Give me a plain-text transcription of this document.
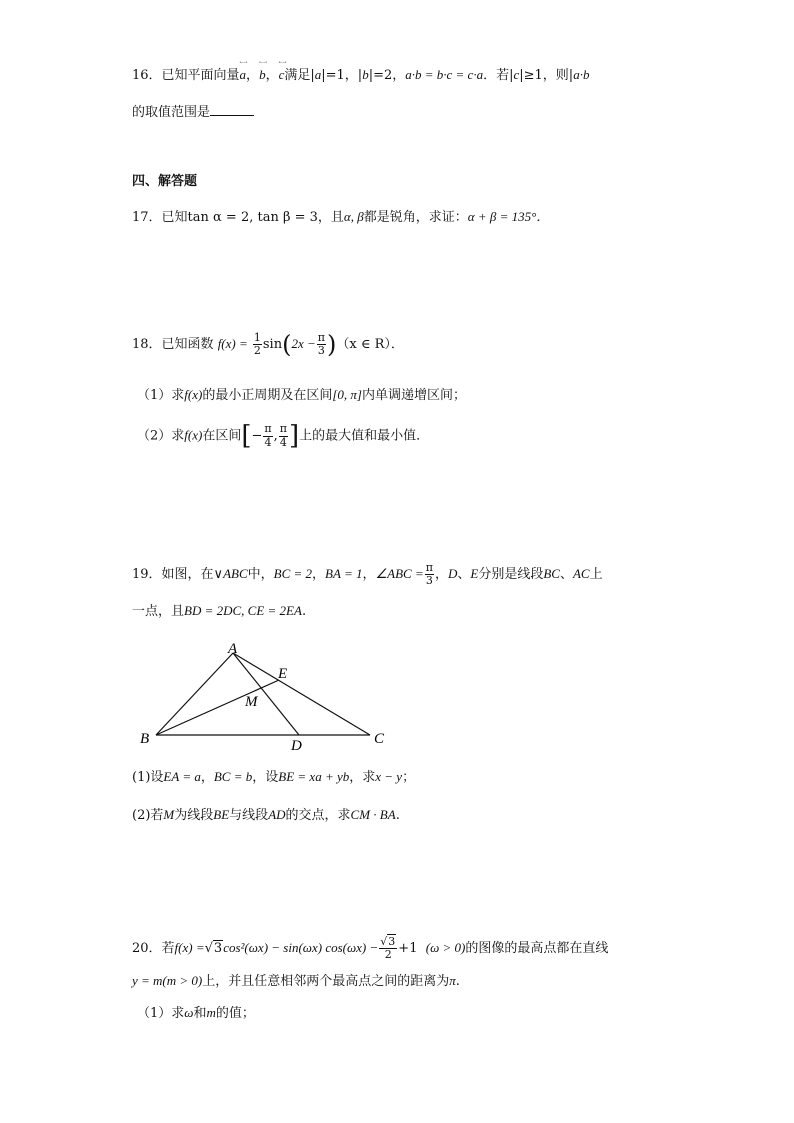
16．已知平面向量←→ a，←→ b，←→ c满足|a|=1，|b|=2，a·b = b·c = c·a．若|c|≥1，则|a·b
的取值范围是
四、解答题
17．已知tan α = 2, tan β = 3，且α, β都是锐角，求证：α + β = 135°．
18．已知函数 $f(x) = \frac{1}{2} \sin(2x - \frac{\pi}{3} )(x$ ∈ R）．
（1）求f(x)的最小正周期及在区间[0, π]内单调递增区间；
（2）求f(x)在区间[− $\frac{\pi}{4}$ , $\frac{\pi}{4}$ ]上的最大值和最小值．
19．如图，在∨ABC中，BC = 2，BA = 1，∠ABC = $\frac{\pi}{3}$ ，D、E分别是线段BC、AC上
一点，且BD = 2DC, CE = 2EA.
A
B	C
D
E
M
(1)设EA = a，BC = b，设BE = xa + yb，求x − y；
(2)若M为线段BE与线段AD的交点，求CM · BA.
20．若f(x) =√3cos²(ωx) − sin(ωx) $\cos(\omega x) - \frac{√3}{2} +1$ (ω > 0)的图像的最高点都在直线
y = m(m > 0)上，并且任意相邻两个最高点之间的距离为π.
（1）求ω和m的值；
